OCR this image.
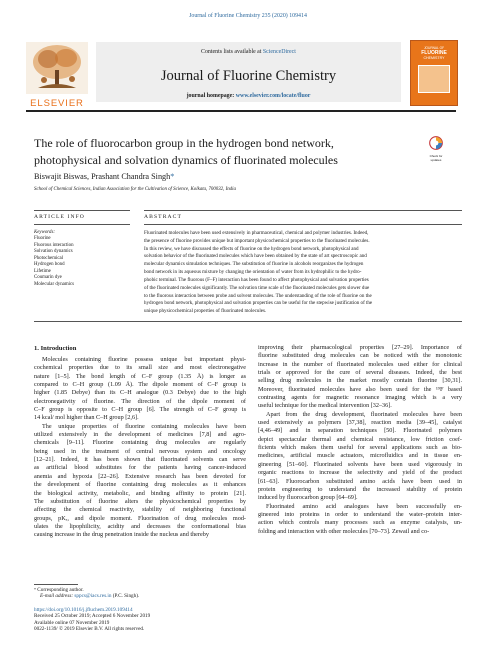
Journal of Fluorine Chemistry 235 (2020) 109414
ELSEVIER
Contents lists available at ScienceDirect
Journal of Fluorine Chemistry
journal homepage: www.elsevier.com/locate/fluor
JOURNAL OF
FLUORINE
CHEMISTRY
The role of fluorocarbon group in the hydrogen bond network,
photophysical and solvation dynamics of fluorinated molecules	Check for
updates
Biswajit Biswas, Prashant Chandra Singh*
School of Chemical Sciences, Indian Association for the Cultivation of Science, Kolkata, 700032, India
ARTICLE INFO	ABSTRACT
Keywords:
Fluorine
Fluorous interaction
Solvation dynamics
Photochemical
Hydrogen bond
Lifetime
Coumarin dye
Molecular dynamics
Fluorinated molecules have been used extensively in pharmaceutical, chemical and polymer industries. Indeed,
the presence of fluorine provides unique but important physicochemical properties to the fluorinated molecules.
In this review, we have discussed the effects of fluorine on the hydrogen bond network, photophysical and
solvation behavior of the fluorinated molecules which have been obtained by the state of art spectroscopic and
molecular dynamics simulation techniques. The substitution of fluorine in alcohols reorganizes the hydrogen
bond network in its aqueous mixture by changing the orientation of water from its hydrophilic to the hydro-
phobic terminal. The fluorous (F–F) interaction has been found to affect photophysical and solvation properties
of the fluorinated molecules significantly. The solvation time scale of the fluorinated molecules gets slower due
to the fluorous interaction between probe and solvent molecules. The understanding of the role of fluorine on the
hydrogen bond network, photophysical and solvation properties can be useful for the stepwise justification of the
unique physicochemical properties of fluorinated molecules.
1. Introduction
Molecules containing fluorine possess unique but important physi-
cochemical properties due to its small size and most electronegative
nature [1–5]. The bond length of C–F group (1.35 Å) is longer as
compared to C–H group (1.09 Å). The dipole moment of C–F group is
higher (1.85 Debye) than its C–H analogue (0.3 Debye) due to the high
electronegativity of fluorine. The direction of the dipole moment of
C–F group is opposite to C–H group [6]. The strength of C–F group is
14 kcal/ mol higher than C–H group [2,6].
The unique properties of fluorine containing molecules have been
utilized extensively in the development of medicines [7,8] and agro-
chemicals [9–11]. Fluorine containing drug molecules are regularly
being used in the treatment of central nervous system and oncology
[12–21]. Indeed, it has been shown that fluorinated solvents can serve
as artificial blood substitutes for the patients having cancer-induced
anemia and hypoxia [22–26]. Extensive research has been devoted for
the development of fluorine containing drug molecules as it enhances
the biological activity, metabolic, and binding affinity to protein [21].
The substitution of fluorine alters the physicochemical properties by
affecting the chemical reactivity, stability of neighboring functional
groups, pKₐ, and dipole moment. Fluorination of drug molecules mod-
ulates the lipophilicity, acidity and decreases the conformational bias
causing increase in the drug penetration inside the nucleus and thereby
improving their pharmacological properties [27–29]. Importance of
fluorine substituted drug molecules can be noticed with the monotonic
increase in the number of fluorinated molecules used either for clinical
trials or approved for the cure of several diseases. Indeed, the best
selling drug molecules in the market mostly contain fluorine [30,31].
Moreover, fluorinated molecules have also been used for the ¹⁹F based
contrasting agents for magnetic resonance imaging which is a very
useful technique for the medical intervention [32–36].
Apart from the drug development, fluorinated molecules have been
used extensively as polymers [37,38], reaction media [39–45], catalyst
[4,46–49] and in separation techniques [50]. Fluorinated polymers
depict spectacular thermal and chemical resistance, low friction coef-
ficients which makes them useful for several applications such as bio-
medicines, artificial muscle actuators, microfluidics and in tissue en-
gineering [51–60]. Fluorinated solvents have been used vigorously in
organic reactions to increase the selectivity and yield of the product
[61–63]. Fluorocarbon substituted amino acids have been used in
protein engineering to understand the increased stability of protein
induced by fluorocarbon group [64–69].
Fluorinated amino acid analogues have been successfully en-
gineered into proteins in order to understand the water–protein inter-
action which controls many processes such as enzyme catalysis, un-
folding and interaction with other molecules [70–73]. Zewail and co-
* Corresponding author.
E-mail address: sppcs@iacs.res.in (P.C. Singh).
https://doi.org/10.1016/j.jfluchem.2019.109414
Received 25 October 2019; Accepted 6 November 2019
Available online 07 November 2019
0022-1139/ © 2019 Elsevier B.V. All rights reserved.
